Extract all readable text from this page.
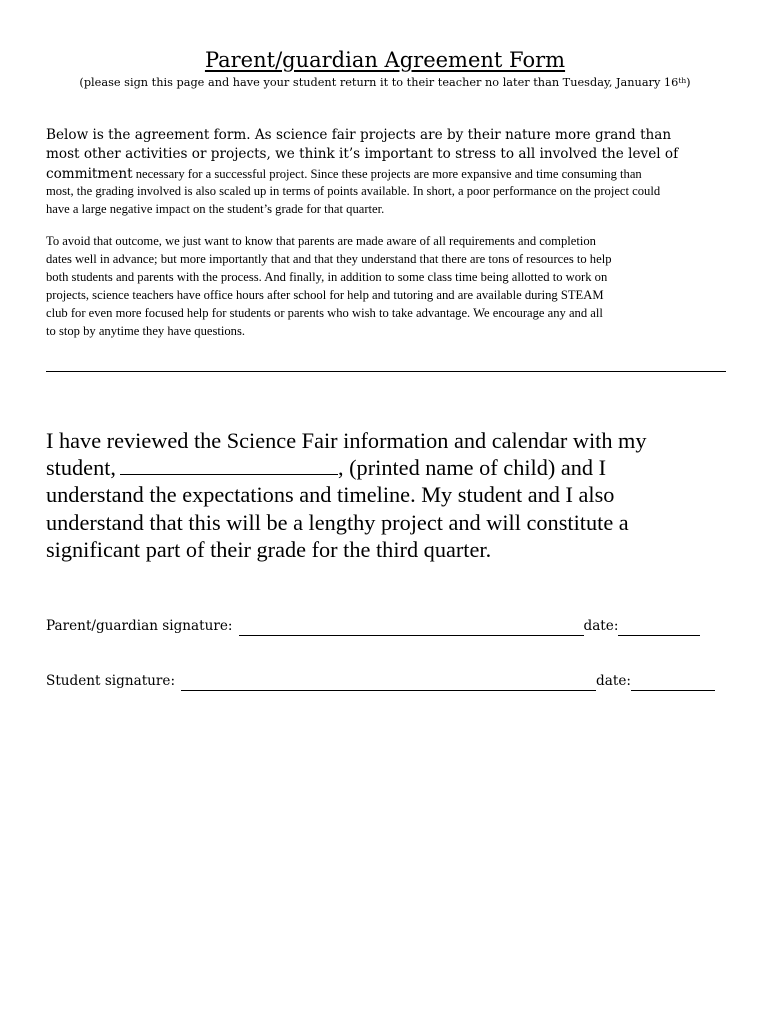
Parent/guardian Agreement Form
(please sign this page and have your student return it to their teacher no later than Tuesday, January 16th)
Below is the agreement form. As science fair projects are by their nature more grand than
most other activities or projects, we think it’s important to stress to all involved the level of
commitment necessary for a successful project. Since these projects are more expansive and time consuming than
most, the grading involved is also scaled up in terms of points available. In short, a poor performance on the project could
have a large negative impact on the student’s grade for that quarter.
To avoid that outcome, we just want to know that parents are made aware of all requirements and completion
dates well in advance; but more importantly that and that they understand that there are tons of resources to help
both students and parents with the process. And finally, in addition to some class time being allotted to work on
projects, science teachers have office hours after school for help and tutoring and are available during STEAM
club for even more focused help for students or parents who wish to take advantage. We encourage any and all
to stop by anytime they have questions.
I have reviewed the Science Fair information and calendar with my
student,	, (printed name of child) and I
understand the expectations and timeline. My student and I also
understand that this will be a lengthy project and will constitute a
significant part of their grade for the third quarter.
Parent/guardian signature:	date:
Student signature:	date:
